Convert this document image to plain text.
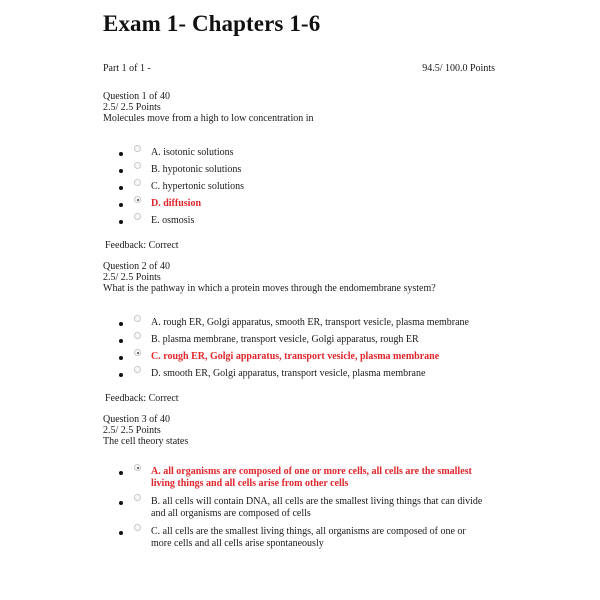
Exam 1- Chapters 1-6
Part 1 of 1 -	94.5/ 100.0 Points
Question 1 of 40
2.5/ 2.5 Points
Molecules move from a high to low concentration in
A. isotonic solutions
B. hypotonic solutions
C. hypertonic solutions
D. diffusion
E. osmosis
Feedback: Correct
Question 2 of 40
2.5/ 2.5 Points
What is the pathway in which a protein moves through the endomembrane system?
A. rough ER, Golgi apparatus, smooth ER, transport vesicle, plasma membrane
B. plasma membrane, transport vesicle, Golgi apparatus, rough ER
C. rough ER, Golgi apparatus, transport vesicle, plasma membrane
D. smooth ER, Golgi apparatus, transport vesicle, plasma membrane
Feedback: Correct
Question 3 of 40
2.5/ 2.5 Points
The cell theory states
A. all organisms are composed of one or more cells, all cells are the smallest living things and all cells arise from other cells
B. all cells will contain DNA, all cells are the smallest living things that can divide and all organisms are composed of cells
C. all cells are the smallest living things, all organisms are composed of one or more cells and all cells arise spontaneously
